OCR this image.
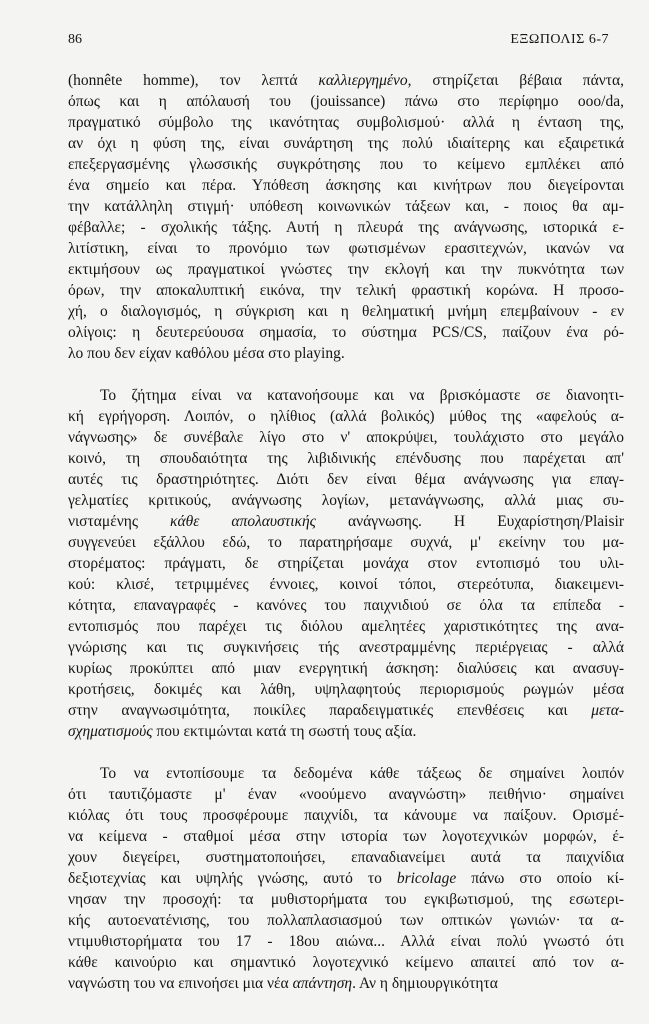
86	ΕΞΩΠΟΛΙΣ 6-7
(honnête homme), τον λεπτά καλλιεργημένο, στηρίζεται βέβαια πάντα,
όπως και η απόλαυσή του (jouissance) πάνω στο περίφημο ooo/da,
πραγματικό σύμβολο της ικανότητας συμβολισμού· αλλά η ένταση της,
αν όχι η φύση της, είναι συνάρτηση της πολύ ιδιαίτερης και εξαιρετικά
επεξεργασμένης γλωσσικής συγκρότησης που το κείμενο εμπλέκει από
ένα σημείο και πέρα. Υπόθεση άσκησης και κινήτρων που διεγείρονται
την κατάλληλη στιγμή· υπόθεση κοινωνικών τάξεων και, - ποιος θα αμ-
φέβαλλε; - σχολικής τάξης. Αυτή η πλευρά της ανάγνωσης, ιστορικά ε-
λιτίστικη, είναι το προνόμιο των φωτισμένων ερασιτεχνών, ικανών να
εκτιμήσουν ως πραγματικοί γνώστες την εκλογή και την πυκνότητα των
όρων, την αποκαλυπτική εικόνα, την τελική φραστική κορώνα. Η προσο-
χή, ο διαλογισμός, η σύγκριση και η θεληματική μνήμη επεμβαίνουν - εν
ολίγοις: η δευτερεύουσα σημασία, το σύστημα PCS/CS, παίζουν ένα ρό-
λο που δεν είχαν καθόλου μέσα στο playing.
Το ζήτημα είναι να κατανοήσουμε και να βρισκόμαστε σε διανοητι-
κή εγρήγορση. Λοιπόν, ο ηλίθιος (αλλά βολικός) μύθος της «αφελούς α-
νάγνωσης» δε συνέβαλε λίγο στο ν' αποκρύψει, τουλάχιστο στο μεγάλο
κοινό, τη σπουδαιότητα της λιβιδινικής επένδυσης που παρέχεται απ'
αυτές τις δραστηριότητες. Διότι δεν είναι θέμα ανάγνωσης για επαγ-
γελματίες κριτικούς, ανάγνωσης λογίων, μετανάγνωσης, αλλά μιας συ-
νισταμένης κάθε απολαυστικής ανάγνωσης. Η Ευχαρίστηση/Plaisir
συγγενεύει εξάλλου εδώ, το παρατηρήσαμε συχνά, μ' εκείνην του μα-
στορέματος: πράγματι, δε στηρίζεται μονάχα στον εντοπισμό του υλι-
κού: κλισέ, τετριμμένες έννοιες, κοινοί τόποι, στερεότυπα, διακειμενι-
κότητα, επαναγραφές - κανόνες του παιχνιδιού σε όλα τα επίπεδα -
εντοπισμός που παρέχει τις διόλου αμελητέες χαριστικότητες της ανα-
γνώρισης και τις συγκινήσεις τής ανεστραμμένης περιέργειας - αλλά
κυρίως προκύπτει από μιαν ενεργητική άσκηση: διαλύσεις και ανασυγ-
κροτήσεις, δοκιμές και λάθη, υψηλαφητούς περιορισμούς ρωγμών μέσα
στην αναγνωσιμότητα, ποικίλες παραδειγματικές επενθέσεις και μετα-
σχηματισμούς που εκτιμώνται κατά τη σωστή τους αξία.
Το να εντοπίσουμε τα δεδομένα κάθε τάξεως δε σημαίνει λοιπόν
ότι ταυτιζόμαστε μ' έναν «νοούμενο αναγνώστη» πειθήνιο· σημαίνει
κιόλας ότι τους προσφέρουμε παιχνίδι, τα κάνουμε να παίξουν. Ορισμέ-
να κείμενα - σταθμοί μέσα στην ιστορία των λογοτεχνικών μορφών, έ-
χουν διεγείρει, συστηματοποιήσει, επαναδιανείμει αυτά τα παιχνίδια
δεξιοτεχνίας και υψηλής γνώσης, αυτό το bricolage πάνω στο οποίο κί-
νησαν την προσοχή: τα μυθιστορήματα του εγκιβωτισμού, της εσωτερι-
κής αυτοενατένισης, του πολλαπλασιασμού των οπτικών γωνιών· τα α-
ντιμυθιστορήματα του 17 - 18ου αιώνα... Αλλά είναι πολύ γνωστό ότι
κάθε καινούριο και σημαντικό λογοτεχνικό κείμενο απαιτεί από τον α-
ναγνώστη του να επινοήσει μια νέα απάντηση. Αν η δημιουργικότητα
